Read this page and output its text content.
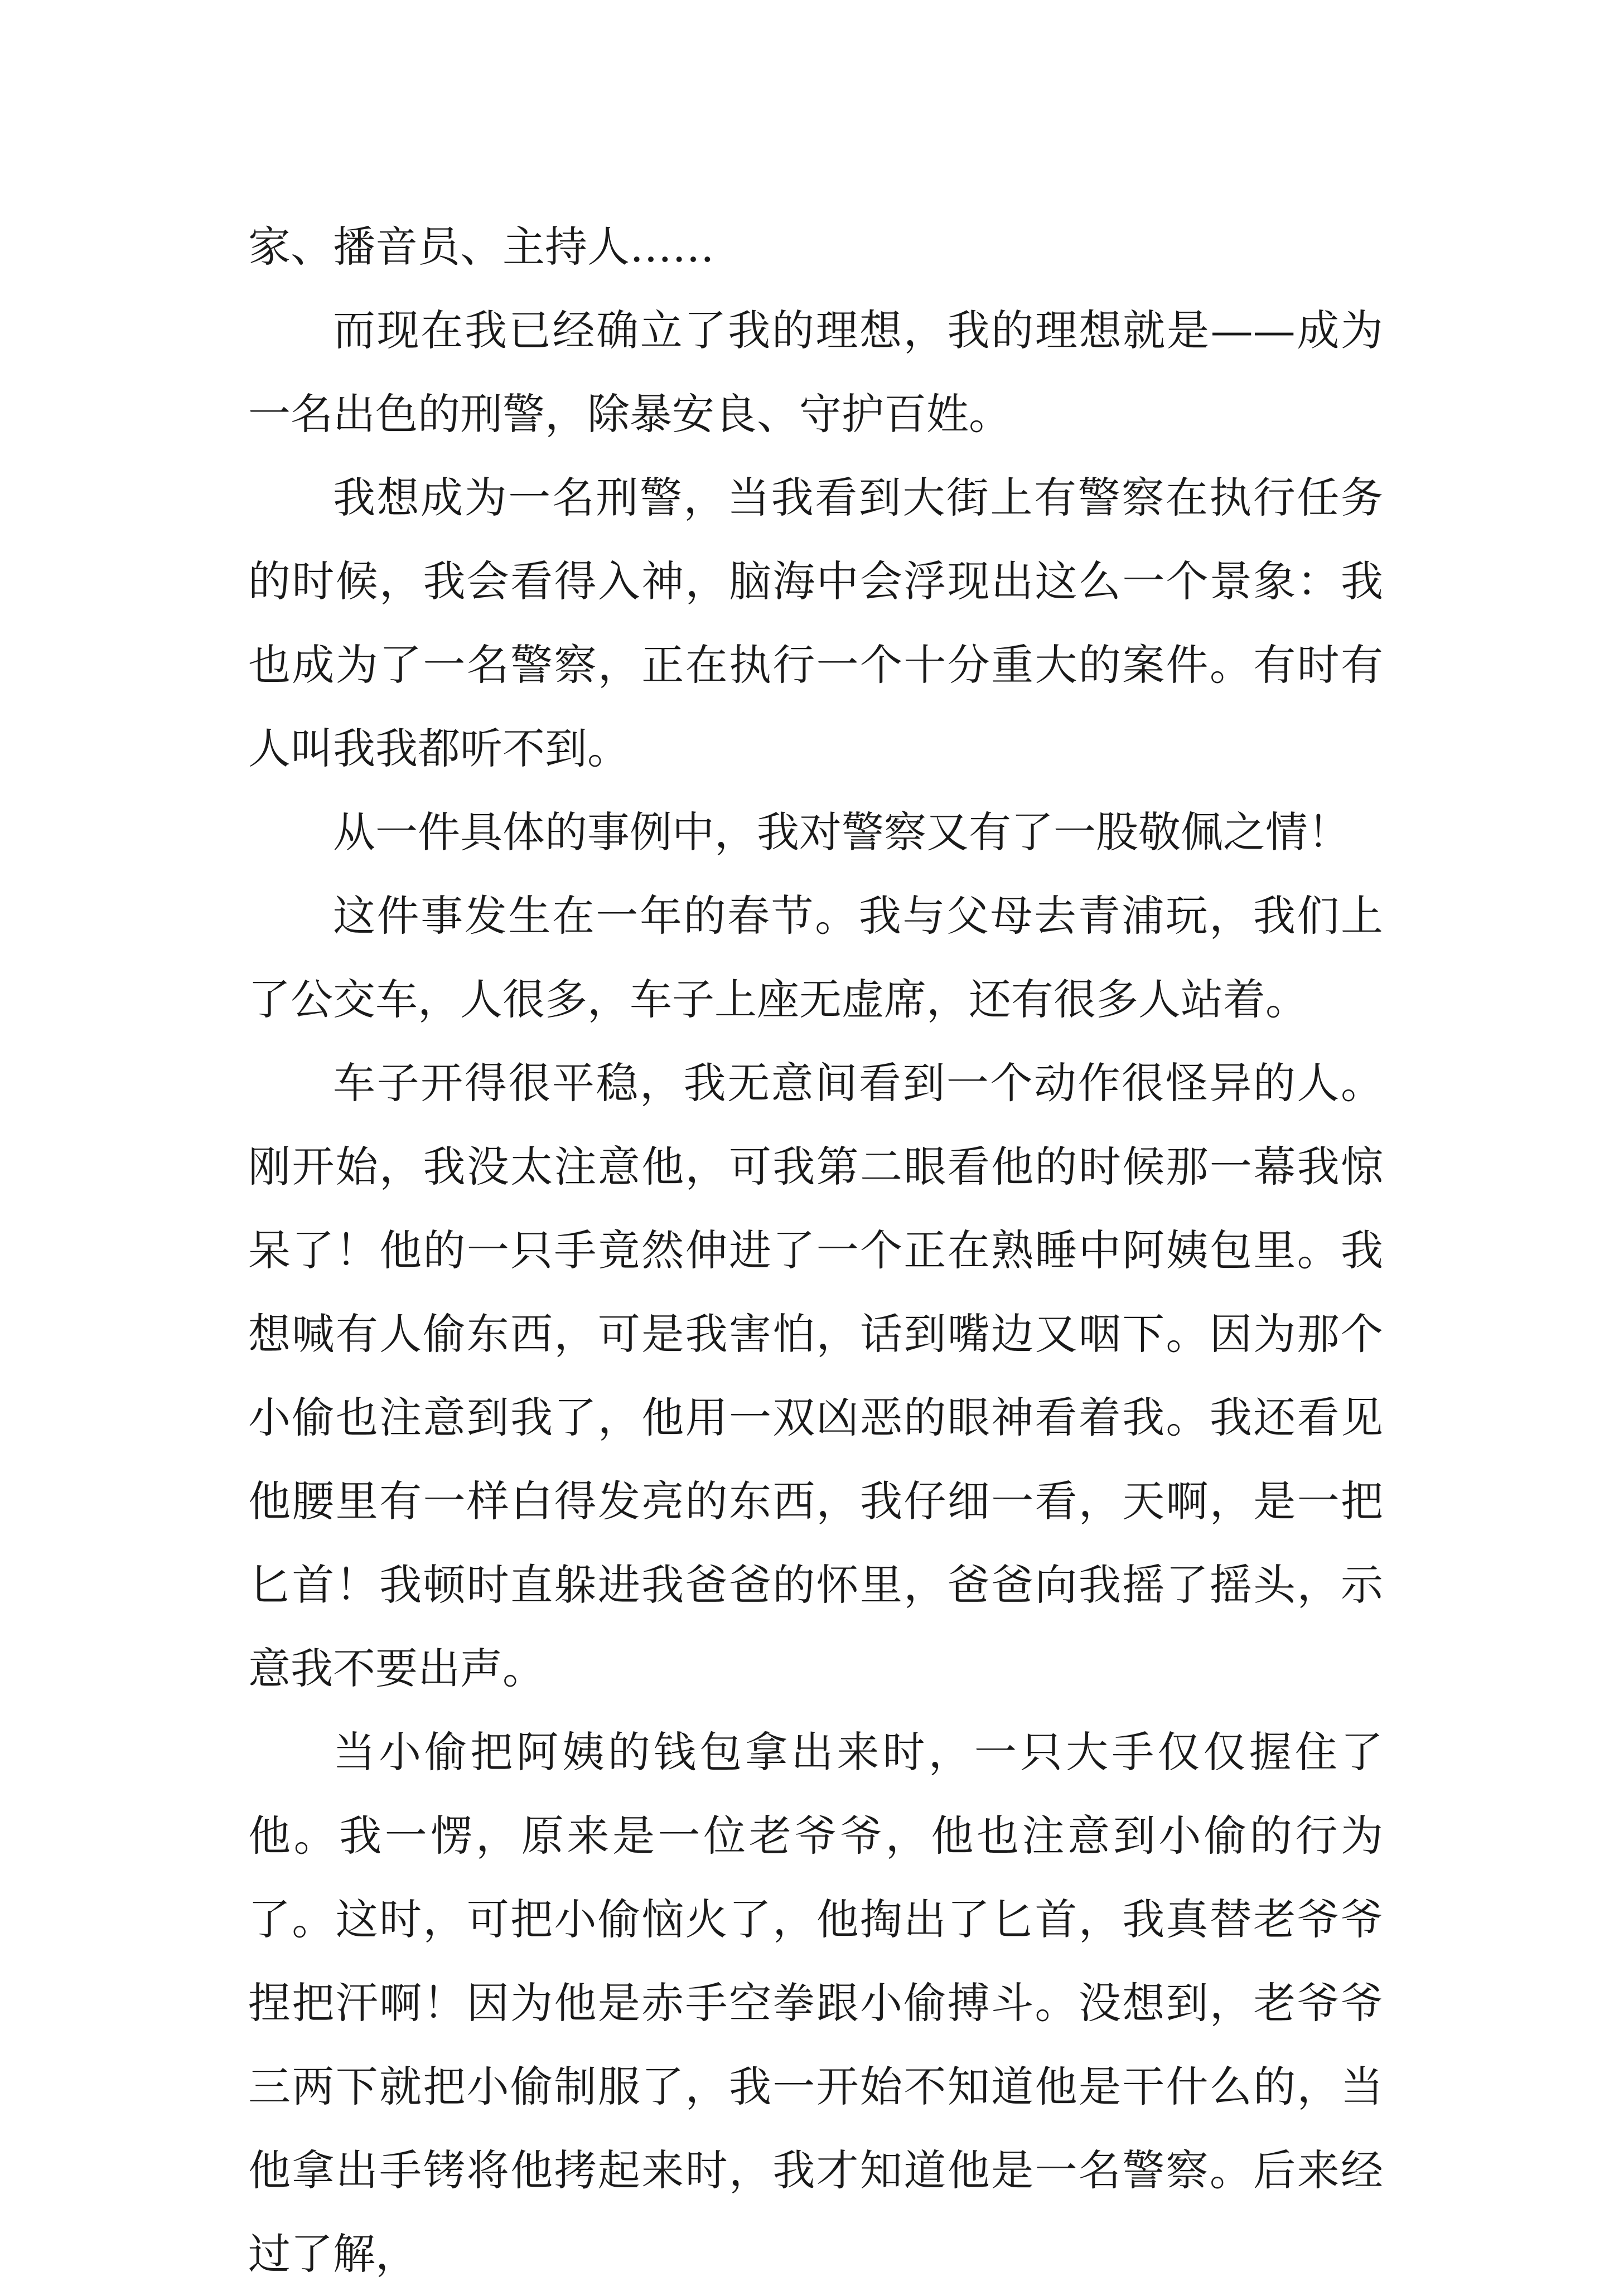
家、播音员、主持人……

而现在我已经确立了我的理想，我的理想就是——成为一名出色的刑警，除暴安良、守护百姓。

我想成为一名刑警，当我看到大街上有警察在执行任务的时候，我会看得入神，脑海中会浮现出这么一个景象：我也成为了一名警察，正在执行一个十分重大的案件。有时有人叫我我都听不到。

从一件具体的事例中，我对警察又有了一股敬佩之情！

这件事发生在一年的春节。我与父母去青浦玩，我们上了公交车，人很多，车子上座无虚席，还有很多人站着。

车子开得很平稳，我无意间看到一个动作很怪异的人。刚开始，我没太注意他，可我第二眼看他的时候那一幕我惊呆了！他的一只手竟然伸进了一个正在熟睡中阿姨包里。我想喊有人偷东西，可是我害怕，话到嘴边又咽下。因为那个小偷也注意到我了，他用一双凶恶的眼神看着我。我还看见他腰里有一样白得发亮的东西，我仔细一看，天啊，是一把匕首！我顿时直躲进我爸爸的怀里，爸爸向我摇了摇头，示意我不要出声。

当小偷把阿姨的钱包拿出来时，一只大手仅仅握住了他。我一愣，原来是一位老爷爷，他也注意到小偷的行为了。这时，可把小偷恼火了，他掏出了匕首，我真替老爷爷捏把汗啊！因为他是赤手空拳跟小偷搏斗。没想到，老爷爷三两下就把小偷制服了，我一开始不知道他是干什么的，当他拿出手铐将他拷起来时，我才知道他是一名警察。后来经过了解，
